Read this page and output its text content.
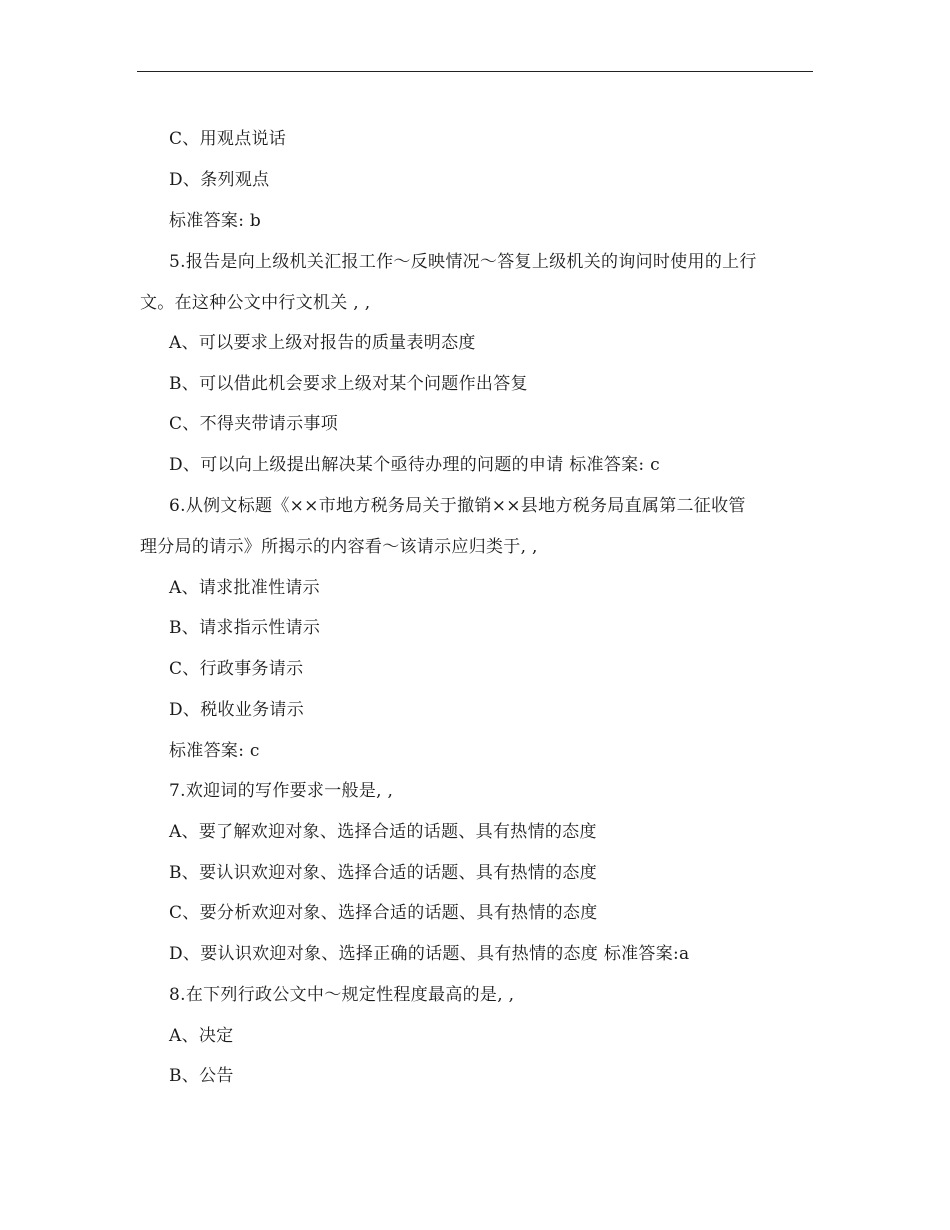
C、用观点说话
D、条列观点
标准答案: b
5.报告是向上级机关汇报工作～反映情况～答复上级机关的询问时使用的上行
文。在这种公文中行文机关 , ,
A、可以要求上级对报告的质量表明态度
B、可以借此机会要求上级对某个问题作出答复
C、不得夹带请示事项
D、可以向上级提出解决某个亟待办理的问题的申请 标准答案: c
6.从例文标题《××市地方税务局关于撤销××县地方税务局直属第二征收管
理分局的请示》所揭示的内容看～该请示应归类于, ,
A、请求批准性请示
B、请求指示性请示
C、行政事务请示
D、税收业务请示
标准答案: c
7.欢迎词的写作要求一般是, ,
A、要了解欢迎对象、选择合适的话题、具有热情的态度
B、要认识欢迎对象、选择合适的话题、具有热情的态度
C、要分析欢迎对象、选择合适的话题、具有热情的态度
D、要认识欢迎对象、选择正确的话题、具有热情的态度 标准答案:a
8.在下列行政公文中～规定性程度最高的是, ,
A、决定
B、公告
